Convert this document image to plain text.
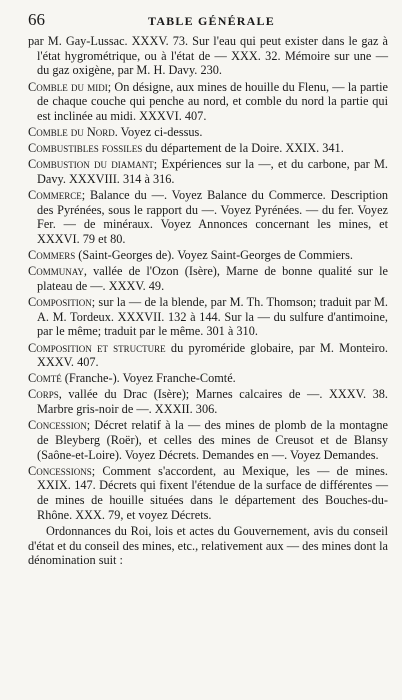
66	TABLE GÉNÉRALE

par M. Gay-Lussac. XXXV. 73. Sur l'eau qui peut exister dans le gaz à l'état hygrométrique, ou à l'état de — XXX. 32. Mémoire sur une — du gaz oxigène, par M. H. Davy. 230.

Comble du midi; On désigne, aux mines de houille du Flenu, — la partie de chaque couche qui penche au nord, et comble du nord la partie qui est inclinée au midi. XXXVI. 407.

Comble du Nord. Voyez ci-dessus.

Combustibles fossiles du département de la Doire. XXIX. 341.

Combustion du diamant; Expériences sur la —, et du carbone, par M. Davy. XXXVIII. 314 à 316.

Commerce; Balance du —. Voyez Balance du Commerce. Description des Pyrénées, sous le rapport du —. Voyez Pyrénées. — du fer. Voyez Fer. — de minéraux. Voyez Annonces concernant les mines, et XXXVI. 79 et 80.

Commers (Saint-Georges de). Voyez Saint-Georges de Commiers.

Communay, vallée de l'Ozon (Isère), Marne de bonne qualité sur le plateau de —. XXXV. 49.

Composition; sur la — de la blende, par M. Th. Thomson; traduit par M. A. M. Tordeux. XXXVII. 132 à 144. Sur la — du sulfure d'antimoine, par le même; traduit par le même. 301 à 310.

Composition et structure du pyroméride globaire, par M. Monteiro. XXXV. 407.

Comté (Franche-). Voyez Franche-Comté.

Corps, vallée du Drac (Isère); Marnes calcaires de —. XXXV. 38. Marbre gris-noir de —. XXXII. 306.

Concession; Décret relatif à la — des mines de plomb de la montagne de Bleyberg (Roër), et celles des mines de Creusot et de Blansy (Saône-et-Loire). Voyez Décrets. Demandes en —. Voyez Demandes.

Concessions; Comment s'accordent, au Mexique, les — de mines. XXIX. 147. Décrets qui fixent l'étendue de la surface de différentes — de mines de houille situées dans le département des Bouches-du-Rhône. XXX. 79, et voyez Décrets.

Ordonnances du Roi, lois et actes du Gouvernement, avis du conseil d'état et du conseil des mines, etc., relativement aux — des mines dont la dénomination suit :
